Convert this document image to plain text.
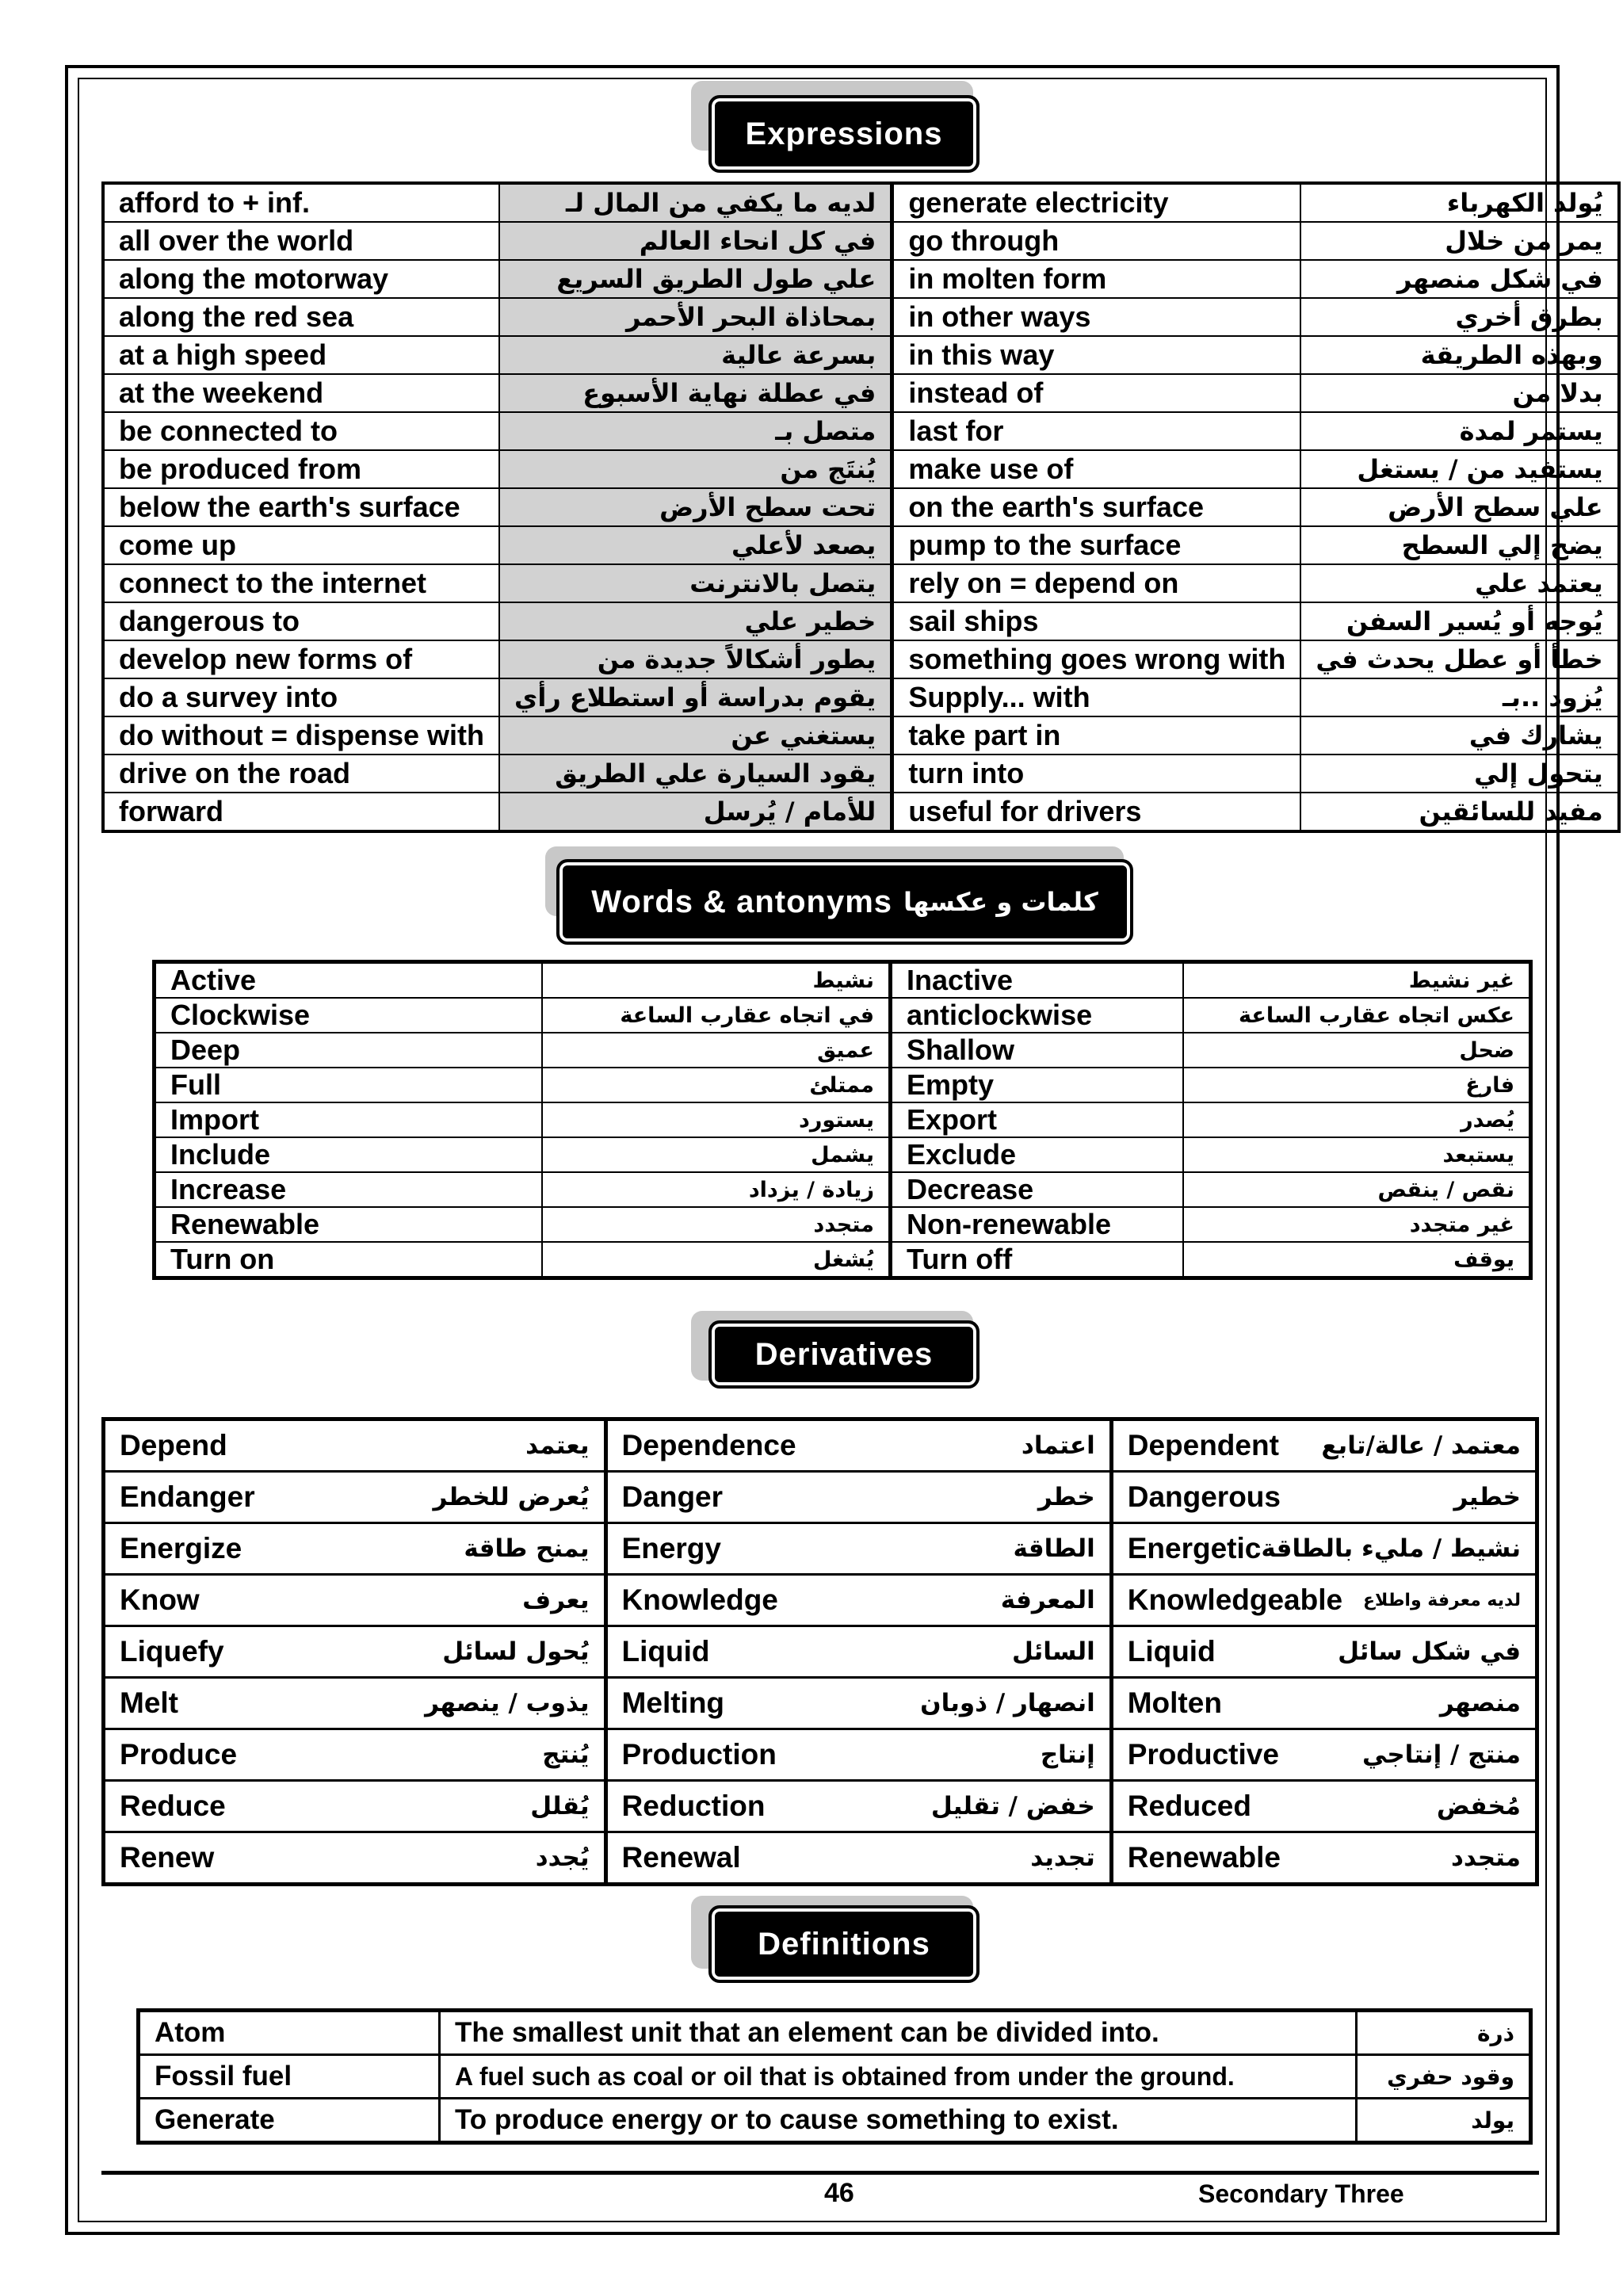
Expressions
afford to + inf.	لديه ما يكفي من المال لـ	generate electricity	يُولد الكهرباء
all over the world	في كل انحاء العالم	go through	يمر من خلال
along the motorway	علي طول الطريق السريع	in molten form	في شكل منصهر
along the red sea	بمحاذاة البحر الأحمر	in other ways	بطرق أخري
at a high speed	بسرعة عالية	in this way	وبهذه الطريقة
at the weekend	في عطلة نهاية الأسبوع	instead of	بدلا من
be connected to	متصل بـ	last for	يستمر لمدة
be produced from	يُنتَج من	make use of	يستفيد من / يستغل
below the earth's surface	تحت سطح الأرض	on the earth's surface	علي سطح الأرض
come up	يصعد لأعلي	pump to the surface	يضخ إلي السطح
connect to the internet	يتصل بالانترنت	rely on = depend on	يعتمد علي
dangerous to	خطير علي	sail ships	يُوجه أو يُسير السفن
develop new forms of	يطور أشكالاً جديدة من	something goes wrong with	خطأ أو عطل يحدث في
do a survey into	يقوم بدراسة أو استطلاع رأي	Supply... with	يُزود ..بـ
do without = dispense with	يستغني عن	take part in	يشارك في
drive on the road	يقود السيارة علي الطريق	turn into	يتحول إلي
forward	للأمام / يُرسل	useful for drivers	مفيد للسائقين
Words & antonyms كلمات و عكسها
Active	نشيط	Inactive	غير نشيط
Clockwise	في اتجاه عقارب الساعة	anticlockwise	عكس اتجاه عقارب الساعة
Deep	عميق	Shallow	ضحل
Full	ممتلئ	Empty	فارغ
Import	يستورد	Export	يُصدر
Include	يشمل	Exclude	يستبعد
Increase	زيادة / يزداد	Decrease	نقص / ينقص
Renewable	متجدد	Non-renewable	غير متجدد
Turn on	يُشغل	Turn off	يوقف
Derivatives
Depend يعتمد	Dependence اعتماد	Dependent معتمد / عالة/تابع

Endanger يُعرض للخطر	Danger خطر	Dangerous خطير

Energize يمنح طاقة	Energy الطاقة	Energetic نشيط / مليء بالطاقة

Know يعرف	Knowledge المعرفة	Knowledgeable لديه معرفة واطلاع

Liquefy يُحول لسائل	Liquid السائل	Liquid في شكل سائل

Melt يذوب / ينصهر	Melting انصهار / ذوبان	Molten منصهر

Produce يُنتج	Production إنتاج	Productive منتج / إنتاجي

Reduce يُقلل	Reduction خفض / تقليل	Reduced مُخفض

Renew يُجدد	Renewal تجديد	Renewable متجدد
Definitions
Atom	The smallest unit that an element can be divided into.	ذرة
Fossil fuel	A fuel such as coal or oil that is obtained from under the ground.	وقود حفري
Generate	To produce energy or to cause something to exist.	يولد
46	Secondary Three
